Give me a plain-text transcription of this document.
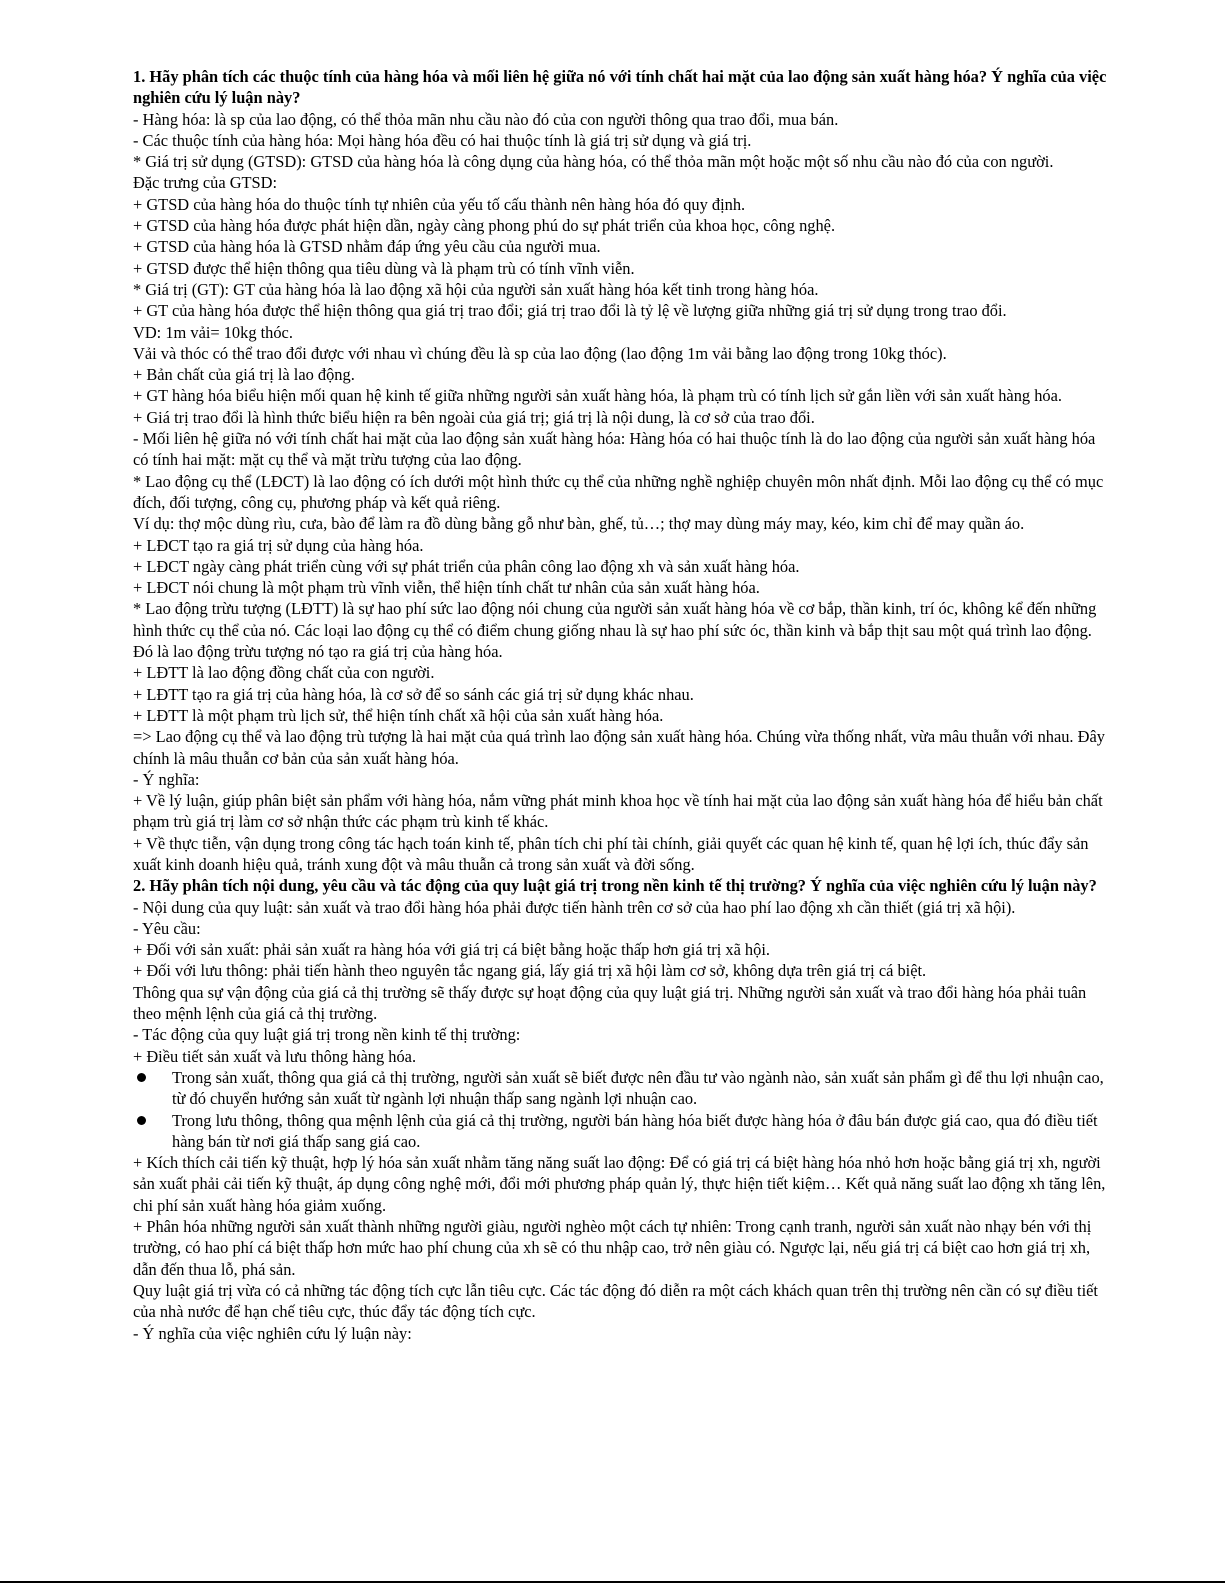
1. Hãy phân tích các thuộc tính của hàng hóa và mối liên hệ giữa nó với tính chất hai mặt của lao động sản xuất hàng hóa? Ý nghĩa của việc nghiên cứu lý luận này?

- Hàng hóa: là sp của lao động, có thể thỏa mãn nhu cầu nào đó của con người thông qua trao đổi, mua bán.

- Các thuộc tính của hàng hóa: Mọi hàng hóa đều có hai thuộc tính là giá trị sử dụng và giá trị.

* Giá trị sử dụng (GTSD): GTSD của hàng hóa là công dụng của hàng hóa, có thể thỏa mãn một hoặc một số nhu cầu nào đó của con người.

Đặc trưng của GTSD:

+ GTSD của hàng hóa do thuộc tính tự nhiên của yếu tố cấu thành nên hàng hóa đó quy định.

+ GTSD của hàng hóa được phát hiện dần, ngày càng phong phú do sự phát triển của khoa học, công nghệ.

+ GTSD của hàng hóa là GTSD nhằm đáp ứng yêu cầu của người mua.

+ GTSD được thể hiện thông qua tiêu dùng và là phạm trù có tính vĩnh viễn.

* Giá trị (GT): GT của hàng hóa là lao động xã hội của người sản xuất hàng hóa kết tinh trong hàng hóa.

+ GT của hàng hóa được thể hiện thông qua giá trị trao đổi; giá trị trao đổi là tỷ lệ về lượng giữa những giá trị sử dụng trong trao đổi.

VD: 1m vải= 10kg thóc.

Vải và thóc có thể trao đổi được với nhau vì chúng đều là sp của lao động (lao động 1m vải bằng lao động trong 10kg thóc).

+ Bản chất của giá trị là lao động.

+ GT hàng hóa biểu hiện mối quan hệ kinh tế giữa những người sản xuất hàng hóa, là phạm trù có tính lịch sử gắn liền với sản xuất hàng hóa.

+ Giá trị trao đổi là hình thức biểu hiện ra bên ngoài của giá trị; giá trị là nội dung, là cơ sở của trao đổi.

- Mối liên hệ giữa nó với tính chất hai mặt của lao động sản xuất hàng hóa: Hàng hóa có hai thuộc tính là do lao động của người sản xuất hàng hóa có tính hai mặt: mặt cụ thể và mặt trừu tượng của lao động.

* Lao động cụ thể (LĐCT) là lao động có ích dưới một hình thức cụ thể của những nghề nghiệp chuyên môn nhất định. Mỗi lao động cụ thể có mục đích, đối tượng, công cụ, phương pháp và kết quả riêng.

Ví dụ: thợ mộc dùng rìu, cưa, bào để làm ra đồ dùng bằng gỗ như bàn, ghế, tủ…; thợ may dùng máy may, kéo, kim chỉ để may quần áo.

+ LĐCT tạo ra giá trị sử dụng của hàng hóa.

+ LĐCT ngày càng phát triển cùng với sự phát triển của phân công lao động xh và sản xuất hàng hóa.

+ LĐCT nói chung là một phạm trù vĩnh viễn, thể hiện tính chất tư nhân của sản xuất hàng hóa.

* Lao động trừu tượng (LĐTT) là sự hao phí sức lao động nói chung của người sản xuất hàng hóa về cơ bắp, thần kinh, trí óc, không kể đến những hình thức cụ thể của nó. Các loại lao động cụ thể có điểm chung giống nhau là sự hao phí sức óc, thần kinh và bắp thịt sau một quá trình lao động. Đó là lao động trừu tượng nó tạo ra giá trị của hàng hóa.

+ LĐTT là lao động đồng chất của con người.

+ LĐTT tạo ra giá trị của hàng hóa, là cơ sở để so sánh các giá trị sử dụng khác nhau.

+ LĐTT là một phạm trù lịch sử, thể hiện tính chất xã hội của sản xuất hàng hóa.

=> Lao động cụ thể và lao động trù tượng là hai mặt của quá trình lao động sản xuất hàng hóa. Chúng vừa thống nhất, vừa mâu thuẫn với nhau. Đây chính là mâu thuẫn cơ bản của sản xuất hàng hóa.

- Ý nghĩa:

+ Về lý luận, giúp phân biệt sản phẩm với hàng hóa, nắm vững phát minh khoa học về tính hai mặt của lao động sản xuất hàng hóa để hiểu bản chất phạm trù giá trị làm cơ sở nhận thức các phạm trù kinh tế khác.

+ Về thực tiễn, vận dụng trong công tác hạch toán kinh tế, phân tích chi phí tài chính, giải quyết các quan hệ kinh tế, quan hệ lợi ích, thúc đẩy sản xuất kinh doanh hiệu quả, tránh xung đột và mâu thuẫn cả trong sản xuất và đời sống.

2. Hãy phân tích nội dung, yêu cầu và tác động của quy luật giá trị trong nền kinh tế thị trường? Ý nghĩa của việc nghiên cứu lý luận này?

- Nội dung của quy luật: sản xuất và trao đổi hàng hóa phải được tiến hành trên cơ sở của hao phí lao động xh cần thiết (giá trị xã hội).

- Yêu cầu:

+ Đối với sản xuất: phải sản xuất ra hàng hóa với giá trị cá biệt bằng hoặc thấp hơn giá trị xã hội.

+ Đối với lưu thông: phải tiến hành theo nguyên tắc ngang giá, lấy giá trị xã hội làm cơ sở, không dựa trên giá trị cá biệt.

Thông qua sự vận động của giá cả thị trường sẽ thấy được sự hoạt động của quy luật giá trị. Những người sản xuất và trao đổi hàng hóa phải tuân theo mệnh lệnh của giá cả thị trường.

- Tác động của quy luật giá trị trong nền kinh tế thị trường:

+ Điều tiết sản xuất và lưu thông hàng hóa.

Trong sản xuất, thông qua giá cả thị trường, người sản xuất sẽ biết được nên đầu tư vào ngành nào, sản xuất sản phẩm gì để thu lợi nhuận cao, từ đó chuyển hướng sản xuất từ ngành lợi nhuận thấp sang ngành lợi nhuận cao.
Trong lưu thông, thông qua mệnh lệnh của giá cả thị trường, người bán hàng hóa biết được hàng hóa ở đâu bán được giá cao, qua đó điều tiết hàng bán từ nơi giá thấp sang giá cao.

+ Kích thích cải tiến kỹ thuật, hợp lý hóa sản xuất nhằm tăng năng suất lao động: Để có giá trị cá biệt hàng hóa nhỏ hơn hoặc bằng giá trị xh, người sản xuất phải cải tiến kỹ thuật, áp dụng công nghệ mới, đổi mới phương pháp quản lý, thực hiện tiết kiệm… Kết quả năng suất lao động xh tăng lên, chi phí sản xuất hàng hóa giảm xuống.

+ Phân hóa những người sản xuất thành những người giàu, người nghèo một cách tự nhiên: Trong cạnh tranh, người sản xuất nào nhạy bén với thị trường, có hao phí cá biệt thấp hơn mức hao phí chung của xh sẽ có thu nhập cao, trở nên giàu có. Ngược lại, nếu giá trị cá biệt cao hơn giá trị xh, dẫn đến thua lỗ, phá sản.

Quy luật giá trị vừa có cả những tác động tích cực lẫn tiêu cực. Các tác động đó diễn ra một cách khách quan trên thị trường nên cần có sự điều tiết của nhà nước để hạn chế tiêu cực, thúc đẩy tác động tích cực.

- Ý nghĩa của việc nghiên cứu lý luận này:
